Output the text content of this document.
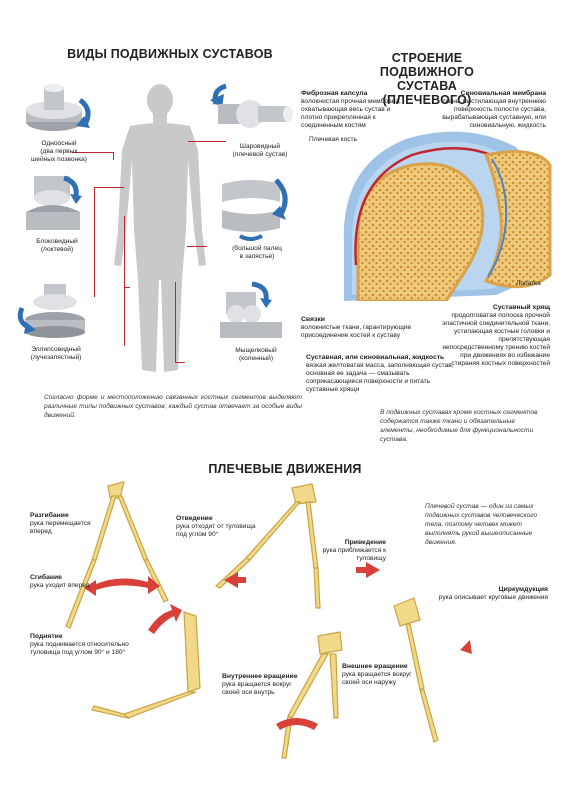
ВИДЫ ПОДВИЖНЫХ СУСТАВОВ
Одноосный
(два первых
шейных позвонка)
Шаровидный
(плечевой сустав)
Блоковидный
(локтевой)	(большой палец
в запястье)
Эллипсовидный
(лучезапястный)
Мыщелковый
(коленный)
Согласно форме и местоположению связанных костных сегментов выделяют различные типы подвижных суставов; каждый сустав отвечает за особые виды движений.
СТРОЕНИЕ ПОДВИЖНОГО
СУСТАВА (ПЛЕЧЕВОГО)
Фиброзная капсула
волокнистая прочная мембрана, охватывающая весь сустав и плотно прикрепленная к соединенным костям
Синовиальная мембрана
ткань, выстилающая внутреннюю поверхность полости сустава, вырабатывающая суставную, или синовиальную, жидкость
Плечевая кость
Лопатка
Связки
волокнистые ткани, гарантирующие присоединение костей к суставу
Суставный хрящ
продолговатая полоска прочной эластичной соединительной ткани, устилающая костные головки и препятствующая непосредственному трению костей при движениях во избежание стирания костных поверхностей
Суставная, или синовиальная, жидкость
вязкая желтоватая масса, заполняющая сустав, основная ее задача — смазывать соприкасающиеся поверхности и питать суставные хрящи
В подвижных суставах кроме костных сегментов содержатся также ткани и обязательные элементы, необходимые для функциональности сустава.
ПЛЕЧЕВЫЕ ДВИЖЕНИЯ
Разгибание
рука перемещается вперед
Сгибание
рука уходит вперед
Отведение
рука отходит от туловища под углом 90°
Приведение
рука приближается к туловищу
Плечевой сустав — один из самых подвижных суставов человеческого тела, поэтому человек может выполнять рукой вышеописанные движения.
Циркумдукция
рука описывает круговые движения
Поднятие
рука поднимается относительно туловища под углом 90° и 180°
Внутреннее вращение
рука вращается вокруг своей оси внутрь
Внешнее вращение
рука вращается вокруг своей оси наружу
